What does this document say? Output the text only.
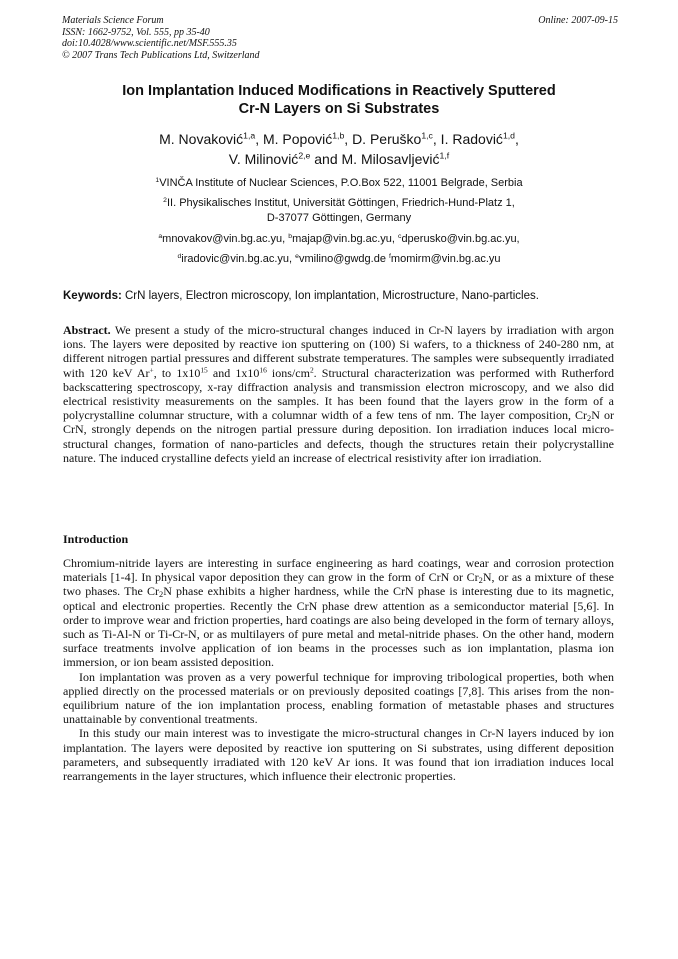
Materials Science Forum
ISSN: 1662-9752, Vol. 555, pp 35-40
doi:10.4028/www.scientific.net/MSF.555.35
© 2007 Trans Tech Publications Ltd, Switzerland
Online: 2007-09-15
Ion Implantation Induced Modifications in Reactively Sputtered
Cr-N Layers on Si Substrates
M. Novaković$^{1,a}$, M. Popović$^{1,b}$, D. Peruško$^{1,c}$, I. Radović$^{1,d}$,
V. Milinović$^{2,e}$ and M. Milosavljević$^{1,f}$
$^1$VINČA Institute of Nuclear Sciences, P.O.Box 522, 11001 Belgrade, Serbia
$^2$II. Physikalisches Institut, Universität Göttingen, Friedrich-Hund-Platz 1,
D-37077 Göttingen, Germany
$^a$mnovakov@vin.bg.ac.yu, $^b$majap@vin.bg.ac.yu, $^c$dperusko@vin.bg.ac.yu,
$^d$iradovic@vin.bg.ac.yu, $^e$vmilino@gwdg.de $^f$momirm@vin.bg.ac.yu
Keywords: CrN layers, Electron microscopy, Ion implantation, Microstructure, Nano-particles.

Abstract. We present a study of the micro-structural changes induced in Cr-N layers by irradiation with argon ions. The layers were deposited by reactive ion sputtering on (100) Si wafers, to a thickness of 240-280 nm, at different nitrogen partial pressures and different substrate temperatures. The samples were subsequently irradiated with 120 keV Ar+, to $1x10^{15}$ and $1x10^{16}$ ions/$cm^2$. Structural characterization was performed with Rutherford backscattering spectroscopy, x-ray diffraction analysis and transmission electron microscopy, and we also did electrical resistivity measurements on the samples. It has been found that the layers grow in the form of a polycrystalline columnar structure, with a columnar width of a few tens of nm. The layer composition, $Cr_2N$ or CrN, strongly depends on the nitrogen partial pressure during deposition. Ion irradiation induces local micro-structural changes, formation of nano-particles and defects, though the structures retain their polycrystalline nature. The induced crystalline defects yield an increase of electrical resistivity after ion irradiation.

Introduction

Chromium-nitride layers are interesting in surface engineering as hard coatings, wear and corrosion protection materials [1-4]. In physical vapor deposition they can grow in the form of CrN or $Cr_2N$, or as a mixture of these two phases. The $Cr_2N$ phase exhibits a higher hardness, while the CrN phase is interesting due to its magnetic, optical and electronic properties. Recently the CrN phase drew attention as a semiconductor material [5,6]. In order to improve wear and friction properties, hard coatings are also being developed in the form of ternary alloys, such as Ti-Al-N or Ti-Cr-N, or as multilayers of pure metal and metal-nitride phases. On the other hand, modern surface treatments involve application of ion beams in the processes such as ion implantation, plasma ion immersion, or ion beam assisted deposition.

Ion implantation was proven as a very powerful technique for improving tribological properties, both when applied directly on the processed materials or on previously deposited coatings [7,8]. This arises from the non-equilibrium nature of the ion implantation process, enabling formation of metastable phases and structures unattainable by conventional treatments.

In this study our main interest was to investigate the micro-structural changes in Cr-N layers induced by ion implantation. The layers were deposited by reactive ion sputtering on Si substrates, using different deposition parameters, and subsequently irradiated with 120 keV Ar ions. It was found that ion irradiation induces local rearrangements in the layer structures, which influence their electronic properties.
